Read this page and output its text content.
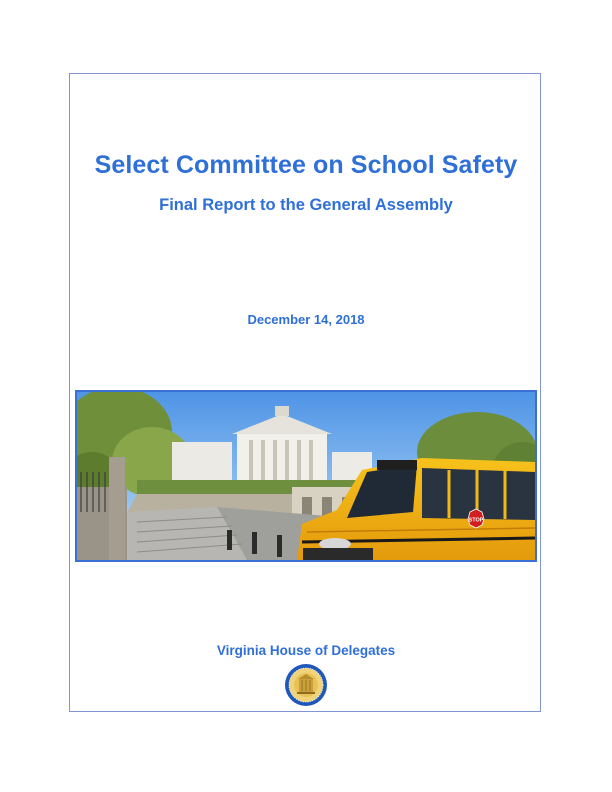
Select Committee on School Safety
Final Report to the General Assembly
December 14, 2018
STOP
Virginia House of Delegates
